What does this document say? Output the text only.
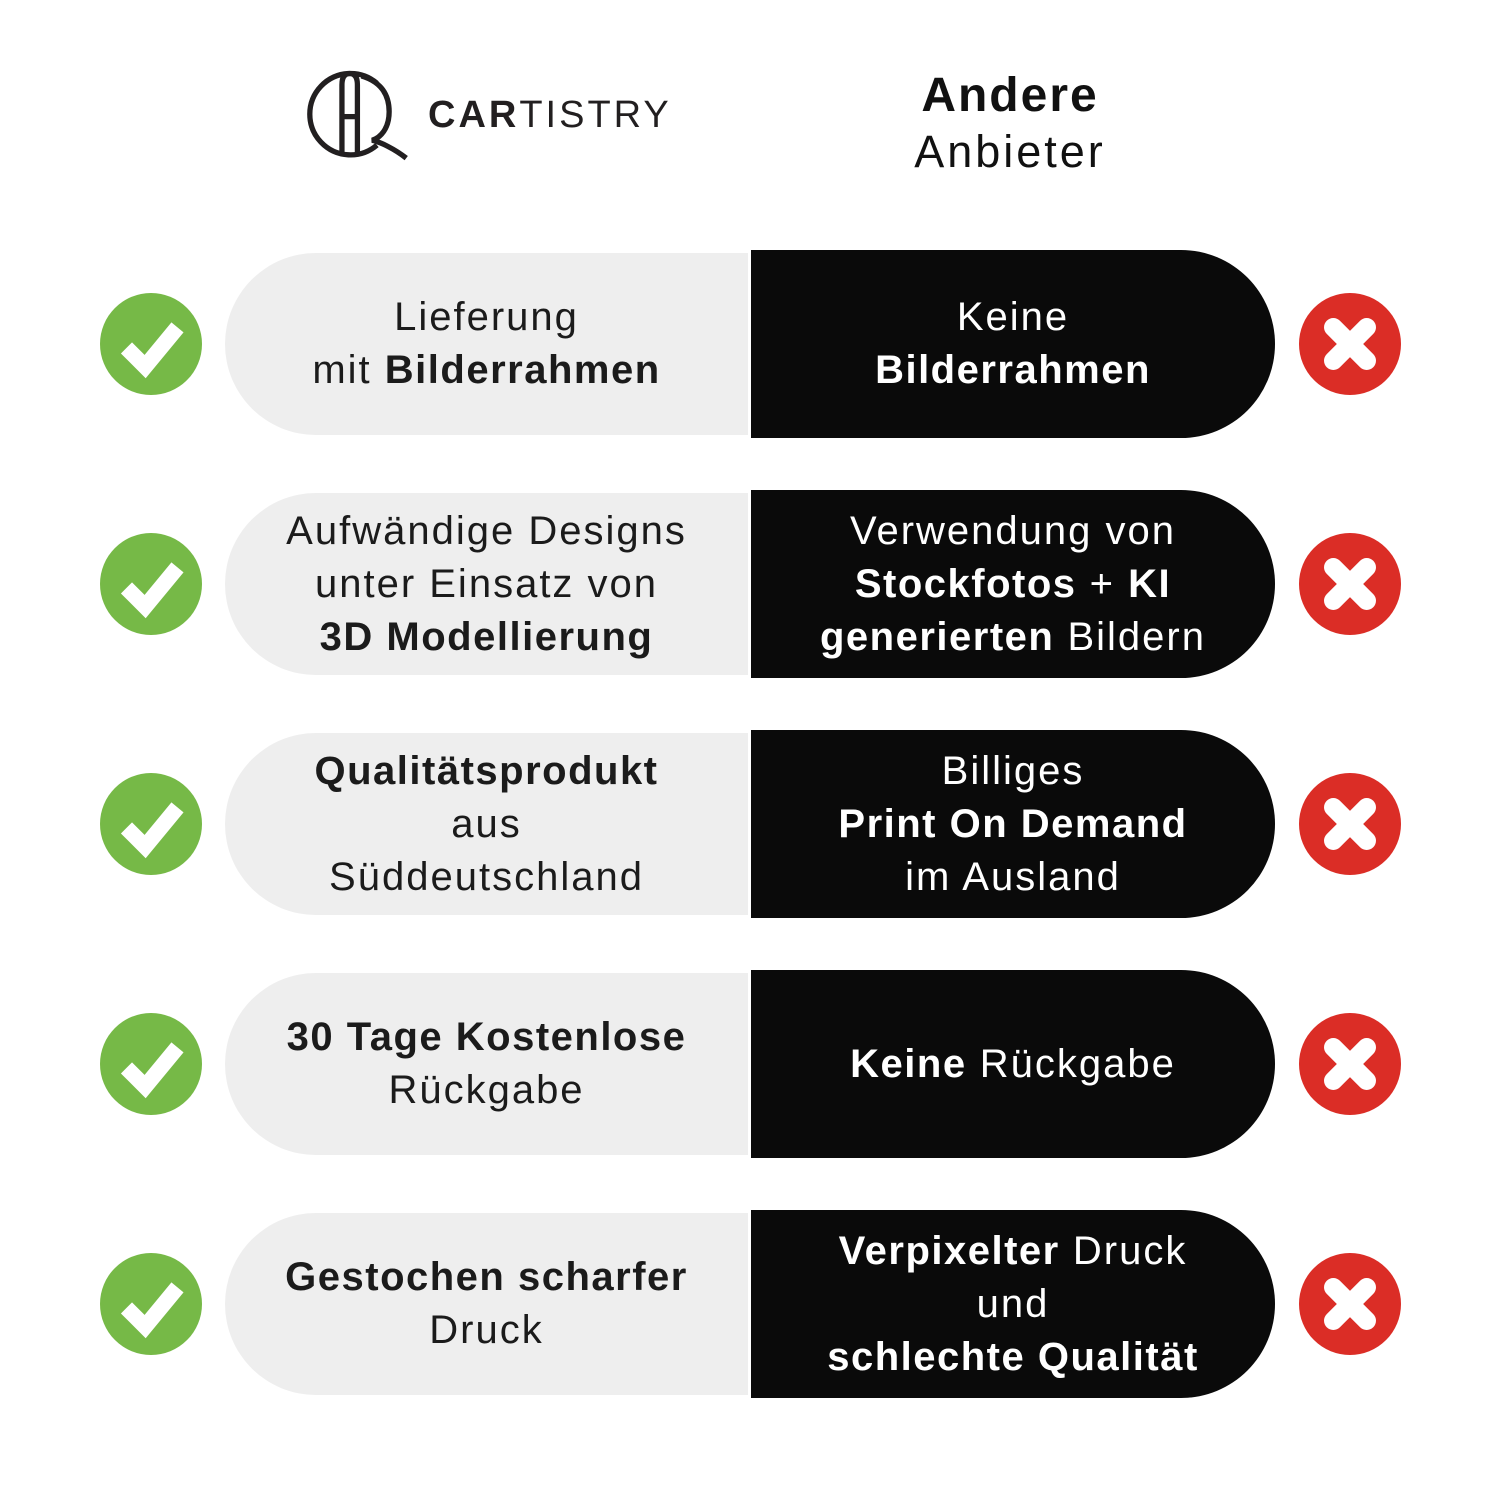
CARTISTRY	Andere
Anbieter
Lieferung
mit Bilderrahmen
Keine
Bilderrahmen
Aufwändige Designs
unter Einsatz von
3D Modellierung
Verwendung von
Stockfotos + KI
generierten Bildern
Qualitätsprodukt
aus
Süddeutschland
Billiges
Print On Demand
im Ausland
30 Tage Kostenlose
Rückgabe
Keine Rückgabe
Gestochen scharfer
Druck
Verpixelter Druck
und
schlechte Qualität
